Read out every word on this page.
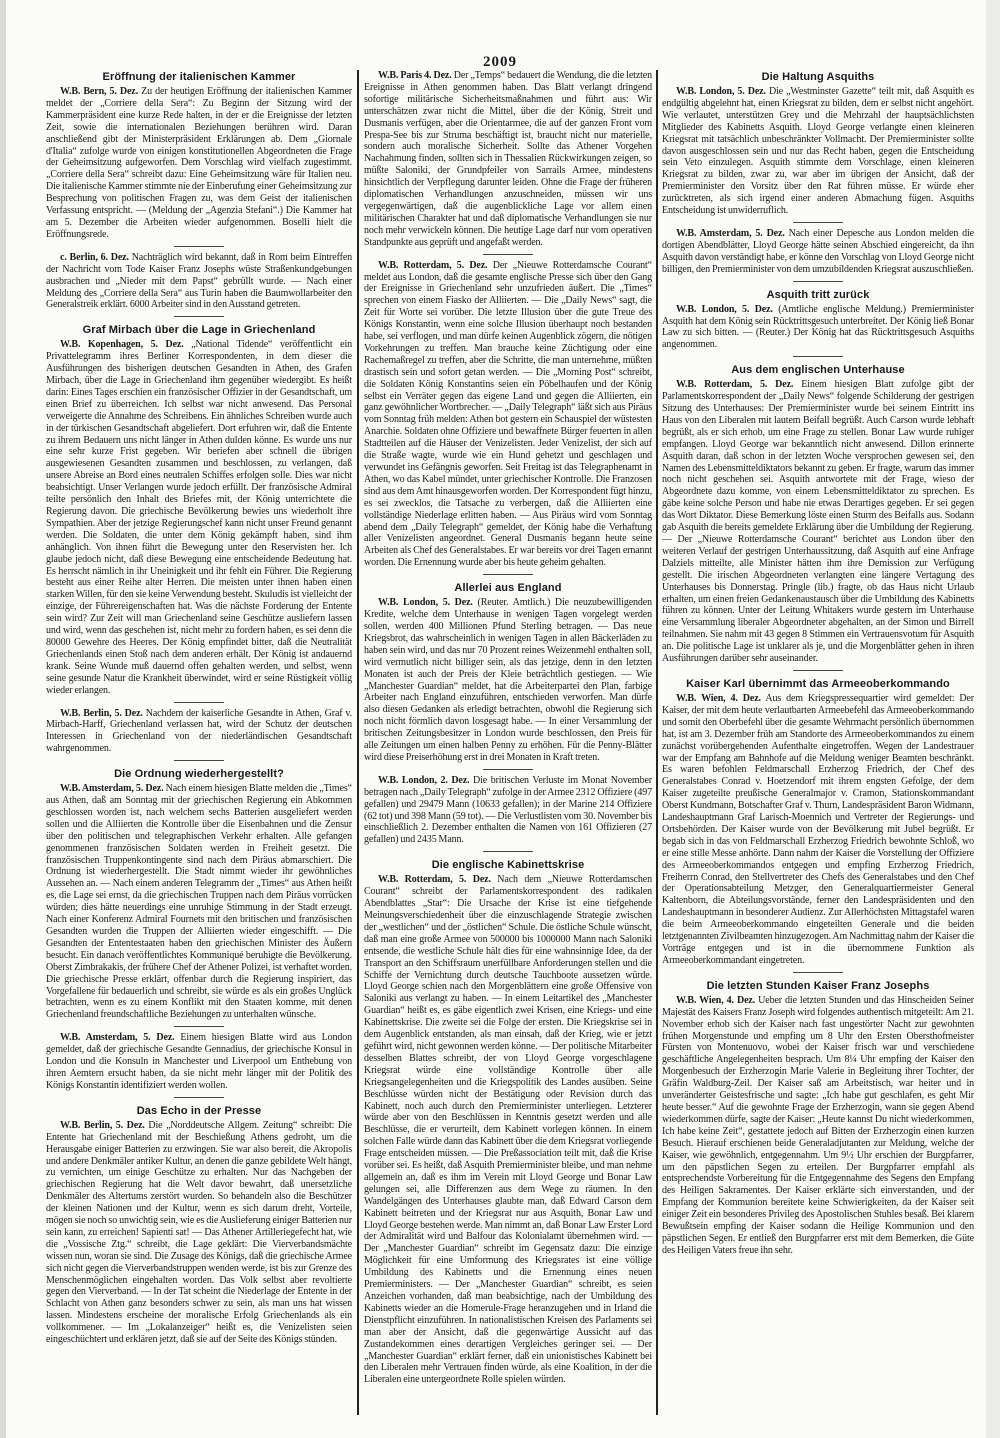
2009
Eröffnung der italienischen Kammer

W.B. Bern, 5. Dez. Zu der heutigen Eröffnung der italienischen Kammer meldet der „Corriere della Sera“: Zu Beginn der Sitzung wird der Kammerpräsident eine kurze Rede halten, in der er die Ereignisse der letzten Zeit, sowie die internationalen Beziehungen berühren wird. Daran anschließend gibt der Ministerpräsident Erklärungen ab. Dem „Giornale d'Italia“ zufolge wurde von einigen konstitutionellen Abgeordneten die Frage der Geheimsitzung aufgeworfen. Dem Vorschlag wird vielfach zugestimmt. „Corriere della Sera“ schreibt dazu: Eine Geheimsitzung wäre für Italien neu. Die italienische Kammer stimmte nie der Einberufung einer Geheimsitzung zur Besprechung von politischen Fragen zu, was dem Geist der italienischen Verfassung entspricht. — (Meldung der „Agenzia Stefani“.) Die Kammer hat am 5. Dezember die Arbeiten wieder aufgenommen. Boselli hielt die Eröffnungsrede.

c. Berlin, 6. Dez. Nachträglich wird bekannt, daß in Rom beim Eintreffen der Nachricht vom Tode Kaiser Franz Josephs wüste Straßenkundgebungen ausbrachen und „Nieder mit dem Papst“ gebrüllt wurde. — Nach einer Meldung des „Corriere della Sera“ aus Turin haben die Baumwollarbeiter den Generalstreik erklärt. 6000 Arbeiter sind in den Ausstand getreten.

Graf Mirbach über die Lage in Griechenland

W.B. Kopenhagen, 5. Dez. „National Tidende“ veröffentlicht ein Privattelegramm ihres Berliner Korrespondenten, in dem dieser die Ausführungen des bisherigen deutschen Gesandten in Athen, des Grafen Mirbach, über die Lage in Griechenland ihm gegenüber wiedergibt. Es heißt darin: Eines Tages erschien ein französischer Offizier in der Gesandtschaft, um einen Brief zu überreichen. Ich selbst war nicht anwesend. Das Personal verweigerte die Annahme des Schreibens. Ein ähnliches Schreiben wurde auch in der türkischen Gesandtschaft abgeliefert. Dort erfuhren wir, daß die Entente zu ihrem Bedauern uns nicht länger in Athen dulden könne. Es wurde uns nur eine sehr kurze Frist gegeben. Wir beriefen aber schnell die übrigen ausgewiesenen Gesandten zusammen und beschlossen, zu verlangen, daß unsere Abreise an Bord eines neutralen Schiffes erfolgen solle. Dies war nicht beabsichtigt. Unser Verlangen wurde jedoch erfüllt. Der französische Admiral teilte persönlich den Inhalt des Briefes mit, der König unterrichtete die Regierung davon. Die griechische Bevölkerung bewies uns wiederholt ihre Sympathien. Aber der jetzige Regierungschef kann nicht unser Freund genannt werden. Die Soldaten, die unter dem König gekämpft haben, sind ihm anhänglich. Von ihnen führt die Bewegung unter den Reservisten her. Ich glaube jedoch nicht, daß diese Bewegung eine entscheidende Bedeutung hat. Es herrscht nämlich in ihr Uneinigkeit und ihr fehlt ein Führer. Die Regierung besteht aus einer Reihe alter Herren. Die meisten unter ihnen haben einen starken Willen, für den sie keine Verwendung besteht. Skuludis ist vielleicht der einzige, der Führereigenschaften hat. Was die nächste Forderung der Entente sein wird? Zur Zeit will man Griechenland seine Geschütze ausliefern lassen und wird, wenn das geschehen ist, nicht mehr zu fordern haben, es sei denn die 80000 Gewehre des Heeres. Der König empfindet bitter, daß die Neutralität Griechenlands einen Stoß nach dem anderen erhält. Der König ist andauernd krank. Seine Wunde muß dauernd offen gehalten werden, und selbst, wenn seine gesunde Natur die Krankheit überwindet, wird er seine Rüstigkeit völlig wieder erlangen.

W.B. Berlin, 5. Dez. Nachdem der kaiserliche Gesandte in Athen, Graf v. Mirbach-Harff, Griechenland verlassen hat, wird der Schutz der deutschen Interessen in Griechenland von der niederländischen Gesandtschaft wahrgenommen.

Die Ordnung wiederhergestellt?

W.B. Amsterdam, 5. Dez. Nach einem hiesigen Blatte melden die „Times“ aus Athen, daß am Sonntag mit der griechischen Regierung ein Abkommen geschlossen worden ist, nach welchem sechs Batterien ausgeliefert werden sollen und die Alliierten die Kontrolle über die Eisenbahnen und die Zensur über den politischen und telegraphischen Verkehr erhalten. Alle gefangen genommenen französischen Soldaten werden in Freiheit gesetzt. Die französischen Truppenkontingente sind nach dem Piräus abmarschiert. Die Ordnung ist wiederhergestellt. Die Stadt nimmt wieder ihr gewöhnliches Aussehen an. — Nach einem anderen Telegramm der „Times“ aus Athen heißt es, die Lage sei ernst, da die griechischen Truppen nach dem Piräus vorrücken würden; dies hätte neuerdings eine unruhige Stimmung in der Stadt erzeugt. Nach einer Konferenz Admiral Fournets mit den britischen und französischen Gesandten wurden die Truppen der Alliierten wieder eingeschifft. — Die Gesandten der Ententestaaten haben den griechischen Minister des Äußern besucht. Ein danach veröffentlichtes Kommuniqué beruhigte die Bevölkerung. Oberst Zimbrakakis, der frühere Chef der Athener Polizei, ist verhaftet worden. Die griechische Presse erklärt, offenbar durch die Regierung inspiriert, das Vorgefallene für bedauerlich und schreibt, sie würde es als ein großes Unglück betrachten, wenn es zu einem Konflikt mit den Staaten komme, mit denen Griechenland freundschaftliche Beziehungen zu unterhalten wünsche.

W.B. Amsterdam, 5. Dez. Einem hiesigen Blatte wird aus London gemeldet, daß der griechische Gesandte Gennadius, der griechische Konsul in London und die Konsuln in Manchester und Liverpool um Enthebung von ihren Aemtern ersucht haben, da sie nicht mehr länger mit der Politik des Königs Konstantin identifiziert werden wollen.

Das Echo in der Presse

W.B. Berlin, 5. Dez. Die „Norddeutsche Allgem. Zeitung“ schreibt: Die Entente hat Griechenland mit der Beschießung Athens gedroht, um die Herausgabe einiger Batterien zu erzwingen. Sie war also bereit, die Akropolis und andere Denkmäler antiker Kultur, an denen die ganze gebildete Welt hängt, zu vernichten, um einige Geschütze zu erhalten. Nur das Nachgeben der griechischen Regierung hat die Welt davor bewahrt, daß unersetzliche Denkmäler des Altertums zerstört wurden. So behandeln also die Beschützer der kleinen Nationen und der Kultur, wenn es sich darum dreht, Vorteile, mögen sie noch so unwichtig sein, wie es die Auslieferung einiger Batterien nur sein kann, zu erreichen! Sapienti sat! — Das Athener Artilleriegefecht hat, wie die „Vossische Ztg.“ schreibt, die Lage geklärt: Die Vierverbandsmächte wissen nun, woran sie sind. Die Zusage des Königs, daß die griechische Armee sich nicht gegen die Vierverbandstruppen wenden werde, ist bis zur Grenze des Menschenmöglichen eingehalten worden. Das Volk selbst aber revoltierte gegen den Vierverband. — In der Tat scheint die Niederlage der Entente in der Schlacht von Athen ganz besonders schwer zu sein, als man uns hat wissen lassen. Mindestens erscheine der moralische Erfolg Griechenlands als ein vollkommener. — Im „Lokalanzeiger“ heißt es, die Venizelisten seien eingeschüchtert und erklären jetzt, daß sie auf der Seite des Königs stünden.

W.B. Paris 4. Dez. Der „Temps“ bedauert die Wendung, die die letzten Ereignisse in Athen genommen haben. Das Blatt verlangt dringend sofortige militärische Sicherheitsmaßnahmen und führt aus: Wir unterschätzen zwar nicht die Mittel, über die der König, Streit und Dusmanis verfügen, aber die Orientarmee, die auf der ganzen Front vom Prespa-See bis zur Struma beschäftigt ist, braucht nicht nur materielle, sondern auch moralische Sicherheit. Sollte das Athener Vorgehen Nachahmung finden, sollten sich in Thessalien Rückwirkungen zeigen, so müßte Saloniki, der Grundpfeiler von Sarrails Armee, mindestens hinsichtlich der Verpflegung darunter leiden. Ohne die Frage der früheren diplomatischen Verhandlungen anzuschneiden, müssen wir uns vergegenwärtigen, daß die augenblickliche Lage vor allem einen militärischen Charakter hat und daß diplomatische Verhandlungen sie nur noch mehr verwickeln können. Die heutige Lage darf nur vom operativen Standpunkte aus geprüft und angefaßt werden.

W.B. Rotterdam, 5. Dez. Der „Nieuwe Rotterdamsche Courant“ meldet aus London, daß die gesamte englische Presse sich über den Gang der Ereignisse in Griechenland sehr unzufrieden äußert. Die „Times“ sprechen von einem Fiasko der Alliierten. — Die „Daily News“ sagt, die Zeit für Worte sei vorüber. Die letzte Illusion über die gute Treue des Königs Konstantin, wenn eine solche Illusion überhaupt noch bestanden habe, sei verflogen, und man dürfe keinen Augenblick zögern, die nötigen Vorkehrungen zu treffen. Man brauche keine Züchtigung oder eine Rachemaßregel zu treffen, aber die Schritte, die man unternehme, müßten drastisch sein und sofort getan werden. — Die „Morning Post“ schreibt, die Soldaten König Konstantins seien ein Pöbelhaufen und der König selbst ein Verräter gegen das eigene Land und gegen die Alliierten, ein ganz gewöhnlicher Wortbrecher. — „Daily Telegraph“ läßt sich aus Piräus vom Sonntag früh melden: Athen bot gestern ein Schauspiel der wüstesten Anarchie. Soldaten ohne Offiziere und bewaffnete Bürger feuerten in allen Stadtteilen auf die Häuser der Venizelisten. Jeder Venizelist, der sich auf die Straße wagte, wurde wie ein Hund gehetzt und geschlagen und verwundet ins Gefängnis geworfen. Seit Freitag ist das Telegraphenamt in Athen, wo das Kabel mündet, unter griechischer Kontrolle. Die Franzosen sind aus dem Amt hinausgeworfen worden. Der Korrespondent fügt hinzu, es sei zwecklos, die Tatsache zu verbergen, daß die Alliierten eine vollständige Niederlage erlitten haben. — Aus Piräus wird vom Sonntag abend dem „Daily Telegraph“ gemeldet, der König habe die Verhaftung aller Venizelisten angeordnet. General Dusmanis begann heute seine Arbeiten als Chef des Generalstabes. Er war bereits vor drei Tagen ernannt worden. Die Ernennung wurde aber bis heute geheim gehalten.

Allerlei aus England

W.B. London, 5. Dez. (Reuter. Amtlich.) Die neuzubewilligenden Kredite, welche dem Unterhause in wenigen Tagen vorgelegt werden sollen, werden 400 Millionen Pfund Sterling betragen. — Das neue Kriegsbrot, das wahrscheinlich in wenigen Tagen in allen Bäckerläden zu haben sein wird, und das nur 70 Prozent reines Weizenmehl enthalten soll, wird vermutlich nicht billiger sein, als das jetzige, denn in den letzten Monaten ist auch der Preis der Kleie beträchtlich gestiegen. — Wie „Manchester Guardian“ meldet, hat die Arbeiterpartei den Plan, farbige Arbeiter nach England einzuführen, entschieden verworfen. Man dürfe also diesen Gedanken als erledigt betrachten, obwohl die Regierung sich noch nicht förmlich davon losgesagt habe. — In einer Versammlung der britischen Zeitungsbesitzer in London wurde beschlossen, den Preis für alle Zeitungen um einen halben Penny zu erhöhen. Für die Penny-Blätter wird diese Preiserhöhung erst in drei Monaten in Kraft treten.

W.B. London, 2. Dez. Die britischen Verluste im Monat November betragen nach „Daily Telegraph“ zufolge in der Armee 2312 Offiziere (497 gefallen) und 29479 Mann (10633 gefallen); in der Marine 214 Offiziere (62 tot) und 398 Mann (59 tot). — Die Verlustlisten vom 30. November bis einschließlich 2. Dezember enthalten die Namen von 161 Offizieren (27 gefallen) und 2435 Mann.

Die englische Kabinettskrise

W.B. Rotterdam, 5. Dez. Nach dem „Nieuwe Rotterdamschen Courant“ schreibt der Parlamentskorrespondent des radikalen Abendblattes „Star“: Die Ursache der Krise ist eine tiefgehende Meinungsverschiedenheit über die einzuschlagende Strategie zwischen der „westlichen“ und der „östlichen“ Schule. Die östliche Schule wünscht, daß man eine große Armee von 500000 bis 1000000 Mann nach Saloniki entsende, die westliche Schule hält dies für eine wahnsinnige Idee, da der Transport an den Schiffsraum unerfüllbare Anforderungen stellen und die Schiffe der Vernichtung durch deutsche Tauchboote aussetzen würde. Lloyd George schien nach den Morgenblättern eine große Offensive von Saloniki aus verlangt zu haben. — In einem Leitartikel des „Manchester Guardian“ heißt es, es gäbe eigentlich zwei Krisen, eine Kriegs- und eine Kabinettskrise. Die zweite sei die Folge der ersten. Die Kriegskrise sei in dem Augenblick entstanden, als man einsah, daß der Krieg, wie er jetzt geführt wird, nicht gewonnen werden könne. — Der politische Mitarbeiter desselben Blattes schreibt, der von Lloyd George vorgeschlagene Kriegsrat würde eine vollständige Kontrolle über alle Kriegsangelegenheiten und die Kriegspolitik des Landes ausüben. Seine Beschlüsse würden nicht der Bestätigung oder Revision durch das Kabinett, noch auch durch den Premierminister unterliegen. Letzterer würde aber von den Beschlüssen in Kenntnis gesetzt werden und alle Beschlüsse, die er verurteilt, dem Kabinett vorlegen können. In einem solchen Falle würde dann das Kabinett über die dem Kriegsrat vorliegende Frage entscheiden müssen. — Die Preßassociation teilt mit, daß die Krise vorüber sei. Es heißt, daß Asquith Premierminister bleibe, und man nehme allgemein an, daß es ihm im Verein mit Lloyd George und Bonar Law gelungen sei, alle Differenzen aus dem Wege zu räumen. In den Wandelgängen des Unterhauses glaubte man, daß Edward Carson dem Kabinett beitreten und der Kriegsrat nur aus Asquith, Bonar Law und Lloyd George bestehen werde. Man nimmt an, daß Bonar Law Erster Lord der Admiralität wird und Balfour das Kolonialamt übernehmen wird. — Der „Manchester Guardian“ schreibt im Gegensatz dazu: Die einzige Möglichkeit für eine Umformung des Kriegsrates ist eine völlige Umbildung des Kabinetts und die Ernennung eines neuen Premierministers. — Der „Manchester Guardian“ schreibt, es seien Anzeichen vorhanden, daß man beabsichtige, nach der Umbildung des Kabinetts wieder an die Homerule-Frage heranzugehen und in Irland die Dienstpflicht einzuführen. In nationalistischen Kreisen des Parlaments sei man aber der Ansicht, daß die gegenwärtige Aussicht auf das Zustandekommen eines derartigen Vergleiches geringer sei. — Der „Manchester Guardian“ erklärt ferner, daß ein unionistisches Kabinett bei den Liberalen mehr Vertrauen finden würde, als eine Koalition, in der die Liberalen eine untergeordnete Rolle spielen würden.

Die Haltung Asquiths

W.B. London, 5. Dez. Die „Westminster Gazette“ teilt mit, daß Asquith es endgültig abgelehnt hat, einen Kriegsrat zu bilden, dem er selbst nicht angehört. Wie verlautet, unterstützen Grey und die Mehrzahl der hauptsächlichsten Mitglieder des Kabinetts Asquith. Lloyd George verlangte einen kleineren Kriegsrat mit tatsächlich unbeschränkter Vollmacht. Der Premierminister sollte davon ausgeschlossen sein und nur das Recht haben, gegen die Entscheidung sein Veto einzulegen. Asquith stimmte dem Vorschlage, einen kleineren Kriegsrat zu bilden, zwar zu, war aber im übrigen der Ansicht, daß der Premierminister den Vorsitz über den Rat führen müsse. Er würde eher zurücktreten, als sich irgend einer anderen Abmachung fügen. Asquiths Entscheidung ist unwiderruflich.

W.B. Amsterdam, 5. Dez. Nach einer Depesche aus London melden die dortigen Abendblätter, Lloyd George hätte seinen Abschied eingereicht, da ihn Asquith davon verständigt habe, er könne den Vorschlag von Lloyd George nicht billigen, den Premierminister von dem umzubildenden Kriegsrat auszuschließen.

Asquith tritt zurück

W.B. London, 5. Dez. (Amtliche englische Meldung.) Premierminister Asquith hat dem König sein Rücktrittsgesuch unterbreitet. Der König ließ Bonar Law zu sich bitten. — (Reuter.) Der König hat das Rücktrittsgesuch Asquiths angenommen.

Aus dem englischen Unterhause

W.B. Rotterdam, 5. Dez. Einem hiesigen Blatt zufolge gibt der Parlamentskorrespondent der „Daily News“ folgende Schilderung der gestrigen Sitzung des Unterhauses: Der Premierminister wurde bei seinem Eintritt ins Haus von den Liberalen mit lautem Beifall begrüßt. Auch Carson wurde lebhaft begrüßt, als er sich erhob, um eine Frage zu stellen. Bonar Law wurde ruhiger empfangen. Lloyd George war bekanntlich nicht anwesend. Dillon erinnerte Asquith daran, daß schon in der letzten Woche versprochen gewesen sei, den Namen des Lebensmitteldiktators bekannt zu geben. Er fragte, warum das immer noch nicht geschehen sei. Asquith antwortete mit der Frage, wieso der Abgeordnete dazu komme, von einem Lebensmitteldiktator zu sprechen. Es gäbe keine solche Person und habe nie etwas Derartiges gegeben. Er sei gegen das Wort Diktator. Diese Bemerkung löste einen Sturm des Beifalls aus. Sodann gab Asquith die bereits gemeldete Erklärung über die Umbildung der Regierung. — Der „Nieuwe Rotterdamsche Courant“ berichtet aus London über den weiteren Verlauf der gestrigen Unterhaussitzung, daß Asquith auf eine Anfrage Dalziels mitteilte, alle Minister hätten ihm ihre Demission zur Verfügung gestellt. Die irischen Abgeordneten verlangten eine längere Vertagung des Unterhauses bis Donnerstag. Pringle (lib.) fragte, ob das Haus nicht Urlaub erhalten, um einen freien Gedankenaustausch über die Umbildung des Kabinetts führen zu können. Unter der Leitung Whitakers wurde gestern im Unterhause eine Versammlung liberaler Abgeordneter abgehalten, an der Simon und Birrell teilnahmen. Sie nahm mit 43 gegen 8 Stimmen ein Vertrauensvotum für Asquith an. Die politische Lage ist unklarer als je, und die Morgenblätter gehen in ihren Ausführungen darüber sehr auseinander.

Kaiser Karl übernimmt das Armeeoberkommando

W.B. Wien, 4. Dez. Aus dem Kriegspressequartier wird gemeldet: Der Kaiser, der mit dem heute verlautbarten Armeebefehl das Armeeoberkommando und somit den Oberbefehl über die gesamte Wehrmacht persönlich übernommen hat, ist am 3. Dezember früh am Standorte des Armeeoberkommandos zu einem zunächst vorübergehenden Aufenthalte eingetroffen. Wegen der Landestrauer war der Empfang am Bahnhofe auf die Meldung weniger Beamten beschränkt. Es waren befohlen Feldmarschall Erzherzog Friedrich, der Chef des Generalstabes Conrad v. Hoetzendorf mit ihrem engsten Gefolge, der dem Kaiser zugeteilte preußische Generalmajor v. Cramon, Stationskommandant Oberst Kundmann, Botschafter Graf v. Thurn, Landespräsident Baron Widmann, Landeshauptmann Graf Larisch-Moennich und Vertreter der Regierungs- und Ortsbehörden. Der Kaiser wurde von der Bevölkerung mit Jubel begrüßt. Er begab sich in das von Feldmarschall Erzherzog Friedrich bewohnte Schloß, wo er eine stille Messe anhörte. Dann nahm der Kaiser die Vorstellung der Offiziere des Armeeoberkommandos entgegen und empfing Erzherzog Friedrich, Freiherrn Conrad, den Stellvertreter des Chefs des Generalstabes und den Chef der Operationsabteilung Metzger, den Generalquartiermeister General Kaltenborn, die Abteilungsvorstände, ferner den Landespräsidenten und den Landeshauptmann in besonderer Audienz. Zur Allerhöchsten Mittagstafel waren die beim Armeeoberkommando eingeteilten Generale und die beiden letztgenannten Zivilbeamten hinzugezogen. Am Nachmittag nahm der Kaiser die Vorträge entgegen und ist in die übernommene Funktion als Armeeoberkommandant eingetreten.

Die letzten Stunden Kaiser Franz Josephs

W.B. Wien, 4. Dez. Ueber die letzten Stunden und das Hinscheiden Seiner Majestät des Kaisers Franz Joseph wird folgendes authentisch mitgeteilt: Am 21. November erhob sich der Kaiser nach fast ungestörter Nacht zur gewohnten frühen Morgenstunde und empfing um 8 Uhr den Ersten Obersthofmeister Fürsten von Montenuovo, wobei der Kaiser frisch war und verschiedene geschäftliche Angelegenheiten besprach. Um 8¼ Uhr empfing der Kaiser den Morgenbesuch der Erzherzogin Marie Valerie in Begleitung ihrer Tochter, der Gräfin Waldburg-Zeil. Der Kaiser saß am Arbeitstisch, war heiter und in unveränderter Geistesfrische und sagte: „Ich habe gut geschlafen, es geht Mir heute besser.“ Auf die gewohnte Frage der Erzherzogin, wann sie gegen Abend wiederkommen dürfe, sagte der Kaiser: „Heute kannst Du nicht wiederkommen, Ich habe keine Zeit“, gestattete jedoch auf Bitten der Erzherzogin einen kurzen Besuch. Hierauf erschienen beide Generaladjutanten zur Meldung, welche der Kaiser, wie gewöhnlich, entgegennahm. Um 9½ Uhr erschien der Burgpfarrer, um den päpstlichen Segen zu erteilen. Der Burgpfarrer empfahl als entsprechendste Vorbereitung für die Entgegennahme des Segens den Empfang des Heiligen Sakramentes. Der Kaiser erklärte sich einverstanden, und der Empfang der Kommunion bereitete keine Schwierigkeiten, da der Kaiser seit einiger Zeit ein besonderes Privileg des Apostolischen Stuhles besaß. Bei klarem Bewußtsein empfing der Kaiser sodann die Heilige Kommunion und den päpstlichen Segen. Er entließ den Burgpfarrer erst mit dem Bemerken, die Güte des Heiligen Vaters freue ihn sehr.
